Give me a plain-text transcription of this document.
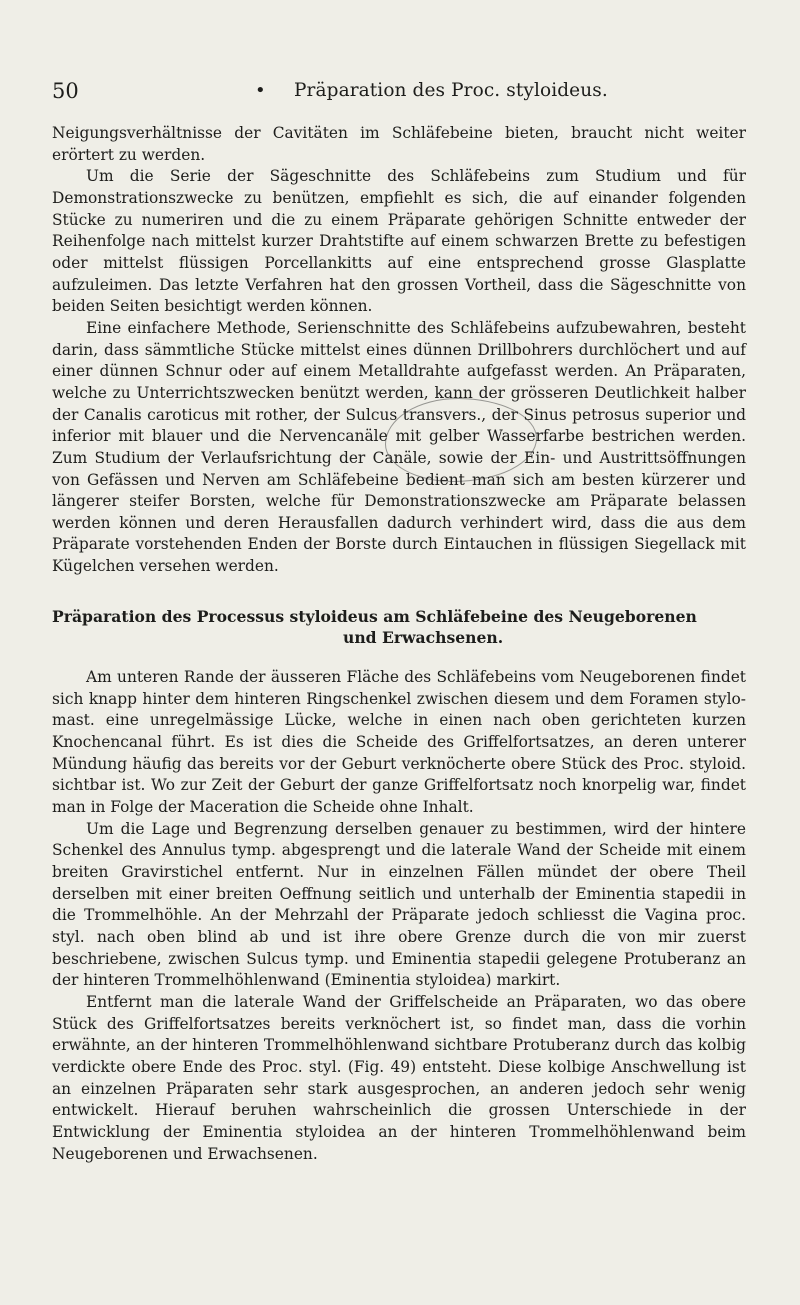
50	• Präparation des Proc. styloideus.

Neigungsverhältnisse der Cavitäten im Schläfebeine bieten, braucht nicht weiter erörtert zu werden.

Um die Serie der Sägeschnitte des Schläfebeins zum Studium und für Demonstrationszwecke zu benützen, empfiehlt es sich, die auf einander folgenden Stücke zu numeriren und die zu einem Präparate gehörigen Schnitte entweder der Reihenfolge nach mittelst kurzer Drahtstifte auf einem schwarzen Brette zu befestigen oder mittelst flüssigen Porcellankitts auf eine entsprechend grosse Glasplatte aufzuleimen. Das letzte Verfahren hat den grossen Vortheil, dass die Sägeschnitte von beiden Seiten besichtigt werden können.

Eine einfachere Methode, Serienschnitte des Schläfebeins aufzubewahren, besteht darin, dass sämmtliche Stücke mittelst eines dünnen Drillbohrers durchlöchert und auf einer dünnen Schnur oder auf einem Metalldrahte aufgefasst werden. An Präparaten, welche zu Unterrichtszwecken benützt werden, kann der grösseren Deutlichkeit halber der Canalis caroticus mit rother, der Sulcus transvers., der Sinus petrosus superior und inferior mit blauer und die Nervencanäle mit gelber Wasserfarbe bestrichen werden. Zum Studium der Verlaufsrichtung der Canäle, sowie der Ein- und Austrittsöffnungen von Gefässen und Nerven am Schläfebeine bedient man sich am besten kürzerer und längerer steifer Borsten, welche für Demonstrationszwecke am Präparate belassen werden können und deren Herausfallen dadurch verhindert wird, dass die aus dem Präparate vorstehenden Enden der Borste durch Eintauchen in flüssigen Siegellack mit Kügelchen versehen werden.

Präparation des Processus styloideus am Schläfebeine des Neugeborenen
und Erwachsenen.

Am unteren Rande der äusseren Fläche des Schläfebeins vom Neugeborenen findet sich knapp hinter dem hinteren Ringschenkel zwischen diesem und dem Foramen stylo-mast. eine unregelmässige Lücke, welche in einen nach oben gerichteten kurzen Knochencanal führt. Es ist dies die Scheide des Griffelfortsatzes, an deren unterer Mündung häufig das bereits vor der Geburt verknöcherte obere Stück des Proc. styloid. sichtbar ist. Wo zur Zeit der Geburt der ganze Griffelfortsatz noch knorpelig war, findet man in Folge der Maceration die Scheide ohne Inhalt.

Um die Lage und Begrenzung derselben genauer zu bestimmen, wird der hintere Schenkel des Annulus tymp. abgesprengt und die laterale Wand der Scheide mit einem breiten Gravirstichel entfernt. Nur in einzelnen Fällen mündet der obere Theil derselben mit einer breiten Oeffnung seitlich und unterhalb der Eminentia stapedii in die Trommelhöhle. An der Mehrzahl der Präparate jedoch schliesst die Vagina proc. styl. nach oben blind ab und ist ihre obere Grenze durch die von mir zuerst beschriebene, zwischen Sulcus tymp. und Eminentia stapedii gelegene Protuberanz an der hinteren Trommelhöhlenwand (Eminentia styloidea) markirt.

Entfernt man die laterale Wand der Griffelscheide an Präparaten, wo das obere Stück des Griffelfortsatzes bereits verknöchert ist, so findet man, dass die vorhin erwähnte, an der hinteren Trommelhöhlenwand sichtbare Protuberanz durch das kolbig verdickte obere Ende des Proc. styl. (Fig. 49) entsteht. Diese kolbige Anschwellung ist an einzelnen Präparaten sehr stark ausgesprochen, an anderen jedoch sehr wenig entwickelt. Hierauf beruhen wahrscheinlich die grossen Unterschiede in der Entwicklung der Eminentia styloidea an der hinteren Trommelhöhlenwand beim Neugeborenen und Erwachsenen.
